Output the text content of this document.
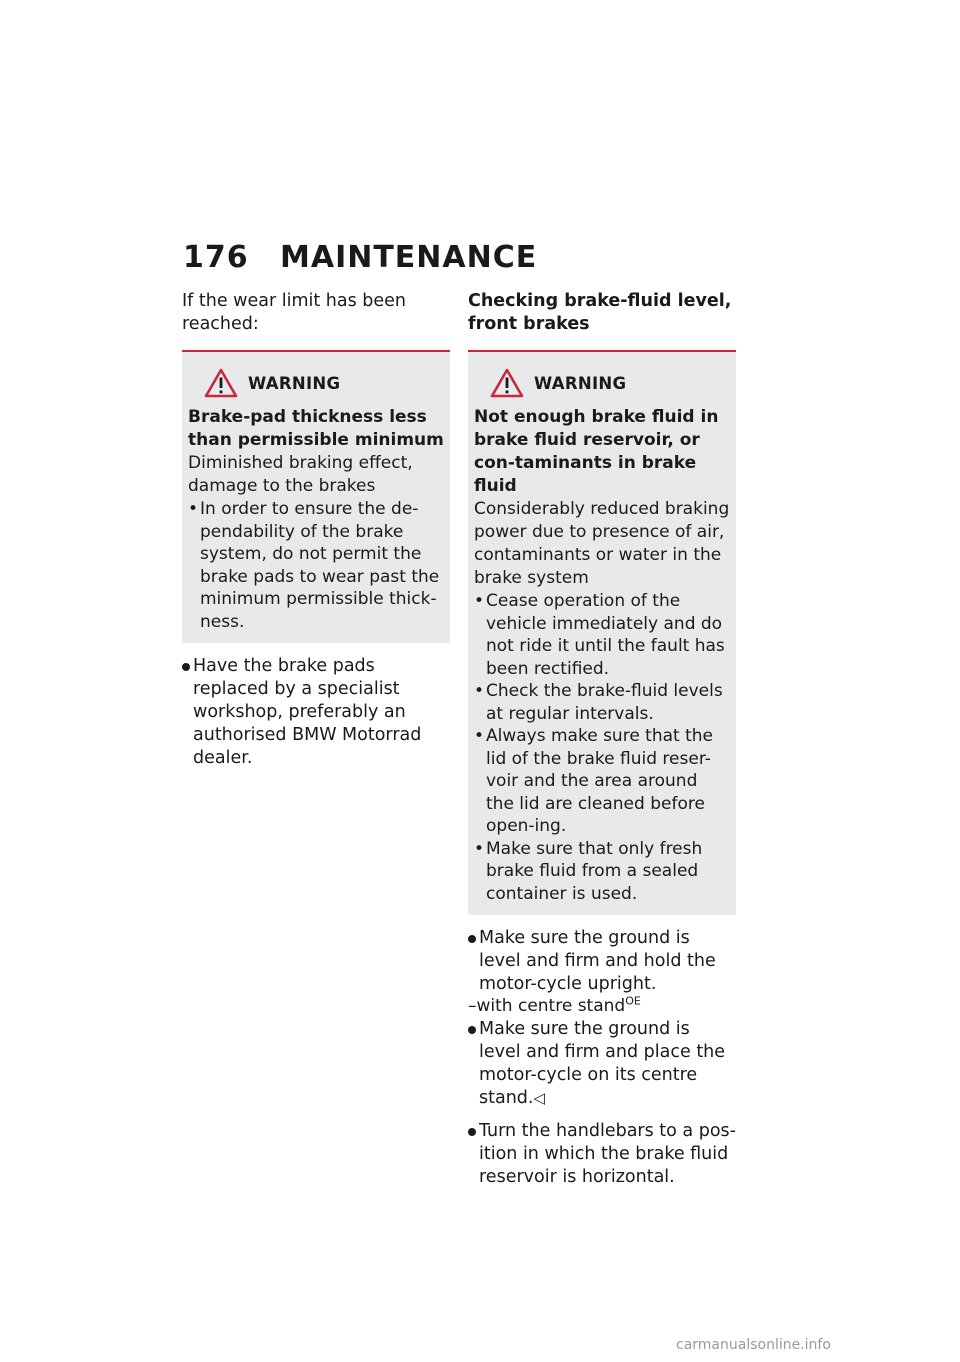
176 MAINTENANCE
If the wear limit has been reached:
WARNING
Brake-pad thickness less than permissible minimum
Diminished braking effect, damage to the brakes
• In order to ensure the de-pendability of the brake system, do not permit the brake pads to wear past the minimum permissible thick-ness.
Have the brake pads replaced by a specialist workshop, preferably an authorised BMW Motorrad dealer.
Checking brake-fluid level, front brakes
WARNING
Not enough brake fluid in brake fluid reservoir, or con-taminants in brake fluid
Considerably reduced braking power due to presence of air, contaminants or water in the brake system
• Cease operation of the vehicle immediately and do not ride it until the fault has been rectified.
• Check the brake-fluid levels at regular intervals.
• Always make sure that the lid of the brake fluid reser-voir and the area around the lid are cleaned before open-ing.
• Make sure that only fresh brake fluid from a sealed container is used.
Make sure the ground is level and firm and hold the motor-cycle upright.
–with centre stand$^{OE}$
Make sure the ground is level and firm and place the motor-cycle on its centre stand.◁
Turn the handlebars to a pos-ition in which the brake fluid reservoir is horizontal.
carmanualsonline.info
